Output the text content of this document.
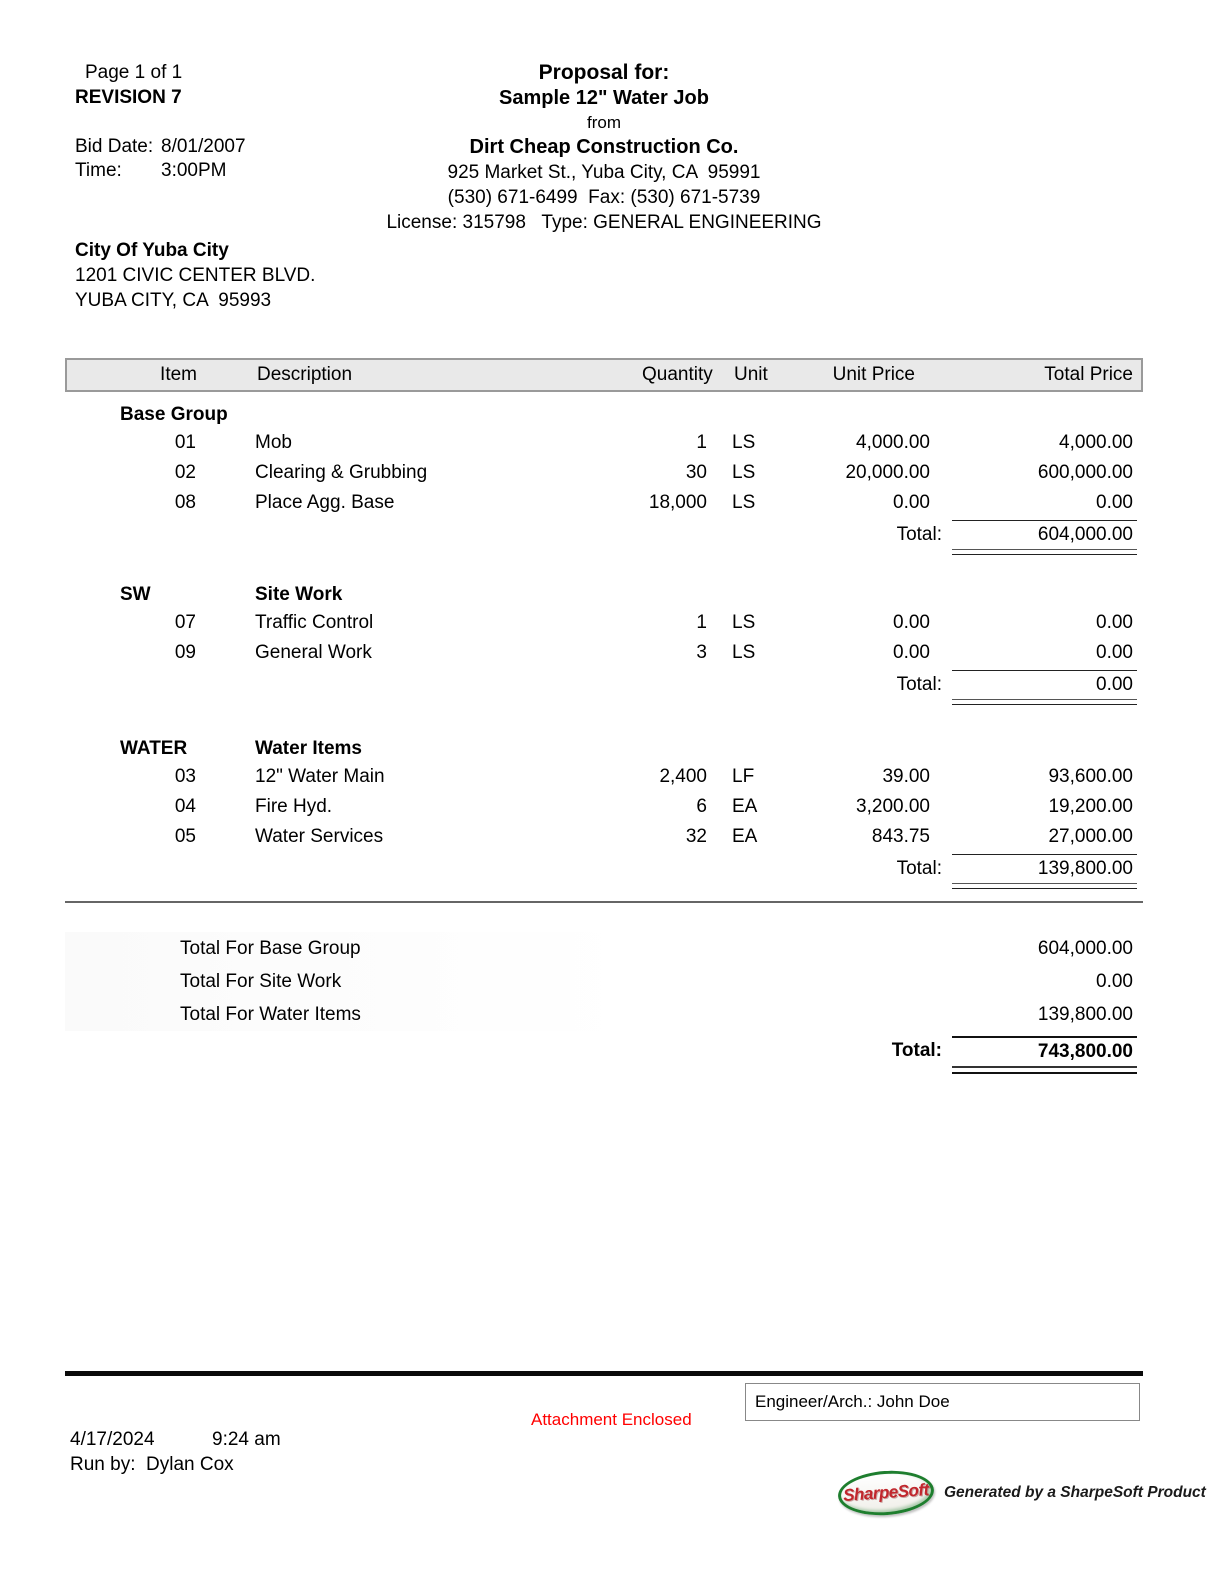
Page 1 of 1
REVISION 7
Bid Date: 8/01/2007
Time:	3:00PM
City Of Yuba City
1201 CIVIC CENTER BLVD.
YUBA CITY, CA  95993
Proposal for:
Sample 12" Water Job
from
Dirt Cheap Construction Co.
925 Market St., Yuba City, CA  95991
(530) 671-6499  Fax: (530) 671-5739
License: 315798   Type: GENERAL ENGINEERING
Item	Description	Quantity	Unit	Unit Price	Total Price
Base Group
01	Mob	1	LS	4,000.00	4,000.00
02	Clearing & Grubbing	30	LS	20,000.00	600,000.00
08	Place Agg. Base	18,000	LS	0.00	0.00
Total:	604,000.00
SW	Site Work
07	Traffic Control	1	LS	0.00	0.00
09	General Work	3	LS	0.00	0.00
Total:	0.00
WATER	Water Items
03	12" Water Main	2,400	LF	39.00	93,600.00
04	Fire Hyd.	6	EA	3,200.00	19,200.00
05	Water Services	32	EA	843.75	27,000.00
Total:	139,800.00
Total For Base Group	604,000.00
Total For Site Work	0.00
Total For Water Items	139,800.00
Total:	743,800.00
Engineer/Arch.: John Doe
Attachment Enclosed
4/17/2024	9:24 am
Run by:  Dylan Cox
SharpeSoft Generated by a SharpeSoft Product
